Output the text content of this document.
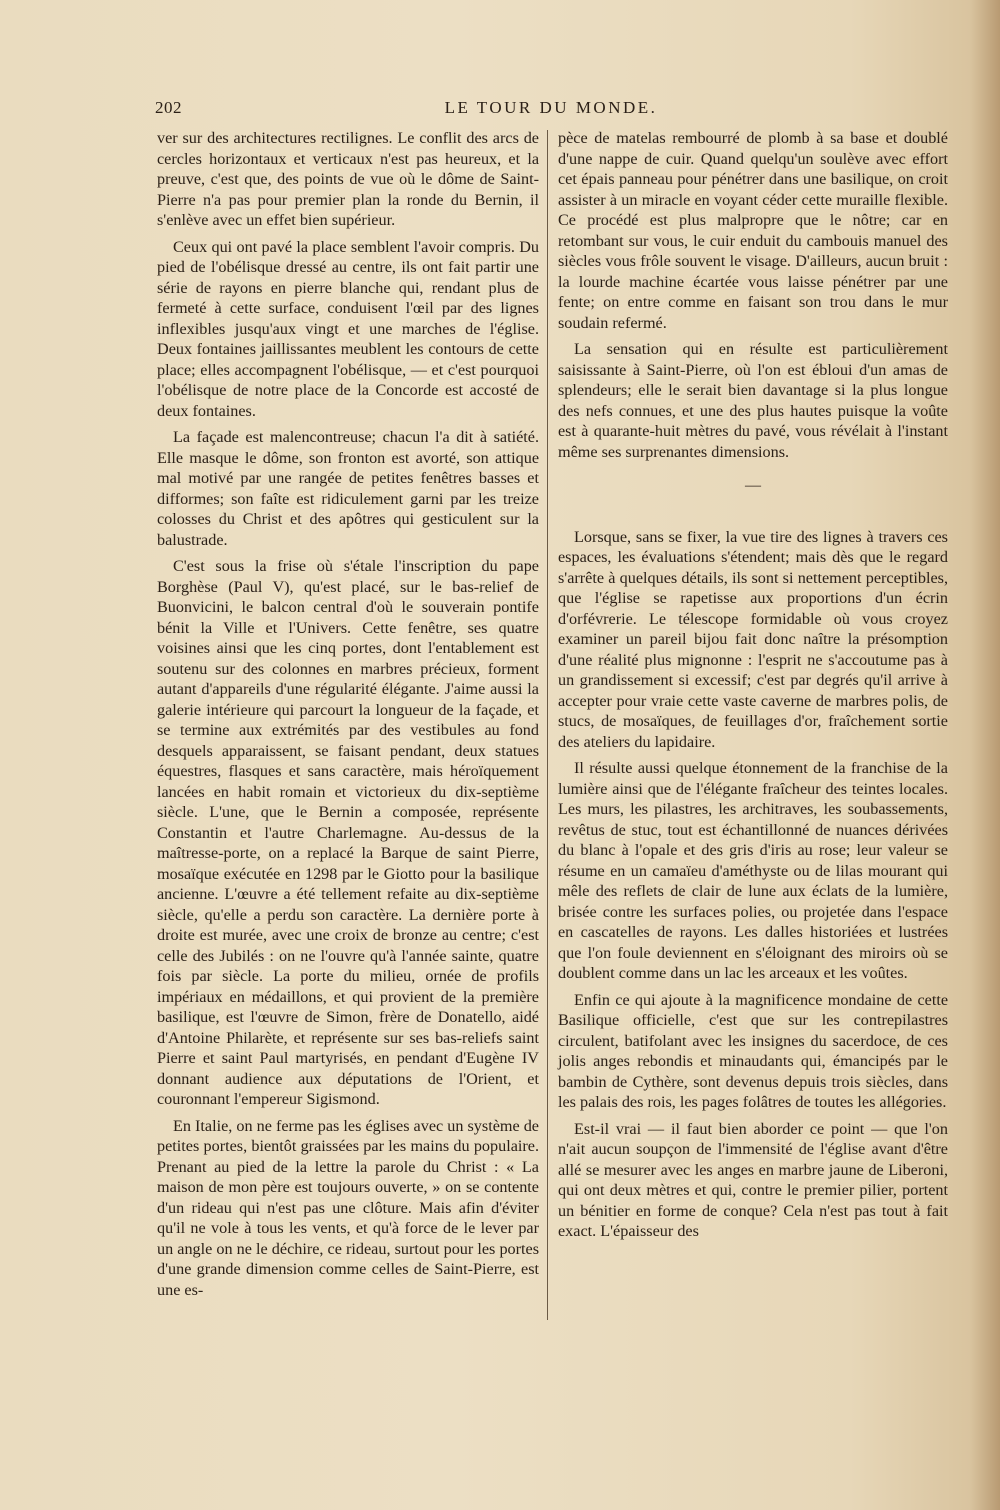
202	LE TOUR DU MONDE.

ver sur des architectures rectilignes. Le conflit des arcs de cercles horizontaux et verticaux n'est pas heureux, et la preuve, c'est que, des points de vue où le dôme de Saint-Pierre n'a pas pour premier plan la ronde du Bernin, il s'enlève avec un effet bien supérieur.

Ceux qui ont pavé la place semblent l'avoir compris. Du pied de l'obélisque dressé au centre, ils ont fait partir une série de rayons en pierre blanche qui, rendant plus de fermeté à cette surface, conduisent l'œil par des lignes inflexibles jusqu'aux vingt et une marches de l'église. Deux fontaines jaillissantes meublent les contours de cette place; elles accompagnent l'obélisque, — et c'est pourquoi l'obélisque de notre place de la Concorde est accosté de deux fontaines.

La façade est malencontreuse; chacun l'a dit à satiété. Elle masque le dôme, son fronton est avorté, son attique mal motivé par une rangée de petites fenêtres basses et difformes; son faîte est ridiculement garni par les treize colosses du Christ et des apôtres qui gesticulent sur la balustrade.

C'est sous la frise où s'étale l'inscription du pape Borghèse (Paul V), qu'est placé, sur le bas-relief de Buonvicini, le balcon central d'où le souverain pontife bénit la Ville et l'Univers. Cette fenêtre, ses quatre voisines ainsi que les cinq portes, dont l'entablement est soutenu sur des colonnes en marbres précieux, forment autant d'appareils d'une régularité élégante. J'aime aussi la galerie intérieure qui parcourt la longueur de la façade, et se termine aux extrémités par des vestibules au fond desquels apparaissent, se faisant pendant, deux statues équestres, flasques et sans caractère, mais héroïquement lancées en habit romain et victorieux du dix-septième siècle. L'une, que le Bernin a composée, représente Constantin et l'autre Charlemagne. Au-dessus de la maîtresse-porte, on a replacé la Barque de saint Pierre, mosaïque exécutée en 1298 par le Giotto pour la basilique ancienne. L'œuvre a été tellement refaite au dix-septième siècle, qu'elle a perdu son caractère. La dernière porte à droite est murée, avec une croix de bronze au centre; c'est celle des Jubilés : on ne l'ouvre qu'à l'année sainte, quatre fois par siècle. La porte du milieu, ornée de profils impériaux en médaillons, et qui provient de la première basilique, est l'œuvre de Simon, frère de Donatello, aidé d'Antoine Philarète, et représente sur ses bas-reliefs saint Pierre et saint Paul martyrisés, en pendant d'Eugène IV donnant audience aux députations de l'Orient, et couronnant l'empereur Sigismond.

En Italie, on ne ferme pas les églises avec un système de petites portes, bientôt graissées par les mains du populaire. Prenant au pied de la lettre la parole du Christ : « La maison de mon père est toujours ouverte, » on se contente d'un rideau qui n'est pas une clôture. Mais afin d'éviter qu'il ne vole à tous les vents, et qu'à force de le lever par un angle on ne le déchire, ce rideau, surtout pour les portes d'une grande dimension comme celles de Saint-Pierre, est une es-

pèce de matelas rembourré de plomb à sa base et doublé d'une nappe de cuir. Quand quelqu'un soulève avec effort cet épais panneau pour pénétrer dans une basilique, on croit assister à un miracle en voyant céder cette muraille flexible. Ce procédé est plus malpropre que le nôtre; car en retombant sur vous, le cuir enduit du cambouis manuel des siècles vous frôle souvent le visage. D'ailleurs, aucun bruit : la lourde machine écartée vous laisse pénétrer par une fente; on entre comme en faisant son trou dans le mur soudain refermé.

La sensation qui en résulte est particulièrement saisissante à Saint-Pierre, où l'on est ébloui d'un amas de splendeurs; elle le serait bien davantage si la plus longue des nefs connues, et une des plus hautes puisque la voûte est à quarante-huit mètres du pavé, vous révélait à l'instant même ses surprenantes dimensions.

—

Lorsque, sans se fixer, la vue tire des lignes à travers ces espaces, les évaluations s'étendent; mais dès que le regard s'arrête à quelques détails, ils sont si nettement perceptibles, que l'église se rapetisse aux proportions d'un écrin d'orfévrerie. Le télescope formidable où vous croyez examiner un pareil bijou fait donc naître la présomption d'une réalité plus mignonne : l'esprit ne s'accoutume pas à un grandissement si excessif; c'est par degrés qu'il arrive à accepter pour vraie cette vaste caverne de marbres polis, de stucs, de mosaïques, de feuillages d'or, fraîchement sortie des ateliers du lapidaire.

Il résulte aussi quelque étonnement de la franchise de la lumière ainsi que de l'élégante fraîcheur des teintes locales. Les murs, les pilastres, les architraves, les soubassements, revêtus de stuc, tout est échantillonné de nuances dérivées du blanc à l'opale et des gris d'iris au rose; leur valeur se résume en un camaïeu d'améthyste ou de lilas mourant qui mêle des reflets de clair de lune aux éclats de la lumière, brisée contre les surfaces polies, ou projetée dans l'espace en cascatelles de rayons. Les dalles historiées et lustrées que l'on foule deviennent en s'éloignant des miroirs où se doublent comme dans un lac les arceaux et les voûtes.

Enfin ce qui ajoute à la magnificence mondaine de cette Basilique officielle, c'est que sur les contrepilastres circulent, batifolant avec les insignes du sacerdoce, de ces jolis anges rebondis et minaudants qui, émancipés par le bambin de Cythère, sont devenus depuis trois siècles, dans les palais des rois, les pages folâtres de toutes les allégories.

Est-il vrai — il faut bien aborder ce point — que l'on n'ait aucun soupçon de l'immensité de l'église avant d'être allé se mesurer avec les anges en marbre jaune de Liberoni, qui ont deux mètres et qui, contre le premier pilier, portent un bénitier en forme de conque? Cela n'est pas tout à fait exact. L'épaisseur des
